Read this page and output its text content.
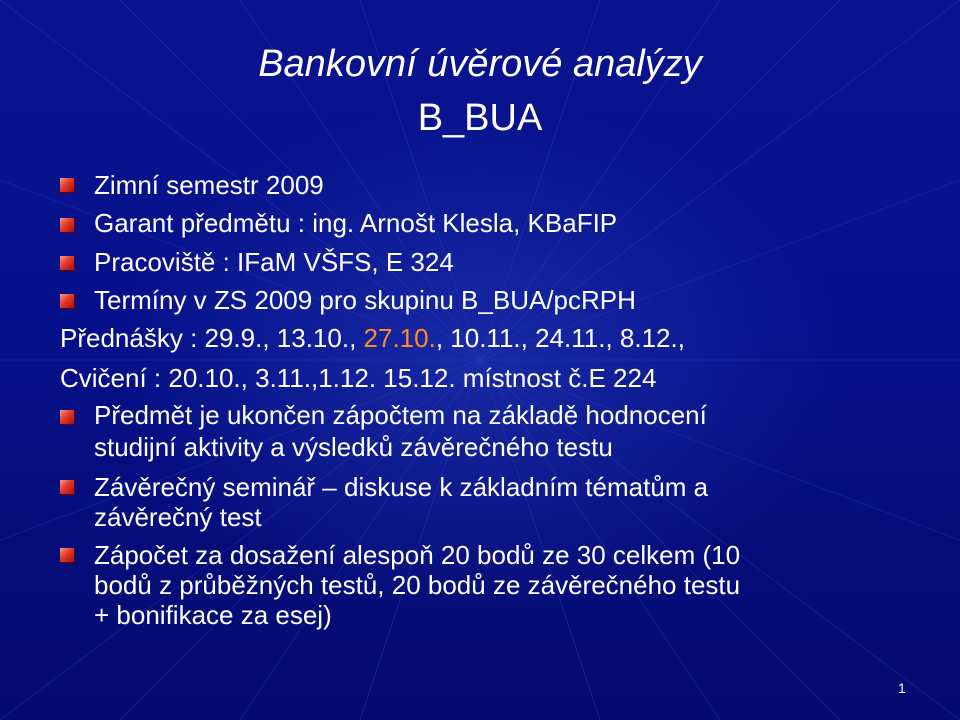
Bankovní úvěrové analýzy
B_BUA
Zimní semestr 2009
Garant předmětu : ing. Arnošt Klesla, KBaFIP
Pracoviště : IFaM VŠFS, E 324
Termíny v ZS 2009 pro skupinu B_BUA/pcRPH
Přednášky : 29.9., 13.10., 27.10., 10.11., 24.11., 8.12.,
Cvičení : 20.10., 3.11.,1.12. 15.12. místnost č.E 224
Předmět je ukončen zápočtem na základě hodnocení
studijní aktivity a výsledků závěrečného testu
Závěrečný seminář – diskuse k základním tématům a
závěrečný test
Zápočet za dosažení alespoň 20 bodů ze 30 celkem (10
bodů z průběžných testů, 20 bodů ze závěrečného testu
+ bonifikace za esej)
1
